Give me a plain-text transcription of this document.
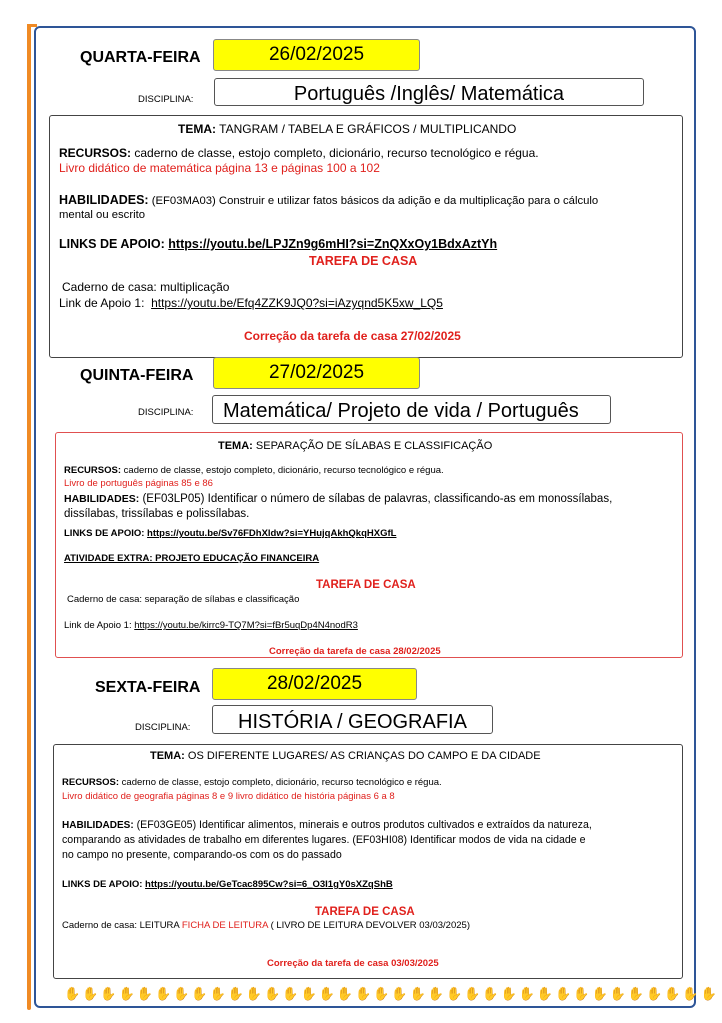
QUARTA-FEIRA	26/02/2025
DISCIPLINA:	Português /Inglês/ Matemática
TEMA: TANGRAM / TABELA E GRÁFICOS / MULTIPLICANDO
RECURSOS: caderno de classe, estojo completo, dicionário, recurso tecnológico e régua.
Livro didático de matemática página 13 e páginas 100 a 102
HABILIDADES: (EF03MA03) Construir e utilizar fatos básicos da adição e da multiplicação para o cálculo
mental ou escrito
LINKS DE APOIO: https://youtu.be/LPJZn9g6mHI?si=ZnQXxOy1BdxAztYh
TAREFA DE CASA
Caderno de casa: multiplicação
Link de Apoio 1: https://youtu.be/Efq4ZZK9JQ0?si=iAzyqnd5K5xw_LQ5
Correção da tarefa de casa 27/02/2025
QUINTA-FEIRA	27/02/2025
DISCIPLINA:	Matemática/ Projeto de vida / Português
TEMA: SEPARAÇÃO DE SÍLABAS E CLASSIFICAÇÃO
RECURSOS: caderno de classe, estojo completo, dicionário, recurso tecnológico e régua.
Livro de português páginas 85 e 86
HABILIDADES: (EF03LP05) Identificar o número de sílabas de palavras, classificando-as em monossílabas,
dissílabas, trissílabas e polissílabas.
LINKS DE APOIO: https://youtu.be/Sv76FDhXldw?si=YHujqAkhQkqHXGfL
ATIVIDADE EXTRA: PROJETO EDUCAÇÃO FINANCEIRA
TAREFA DE CASA
Caderno de casa: separação de sílabas e classificação
Link de Apoio 1: https://youtu.be/kirrc9-TQ7M?si=fBr5uqDp4N4nodR3
Correção da tarefa de casa 28/02/2025
SEXTA-FEIRA	28/02/2025
DISCIPLINA:	HISTÓRIA / GEOGRAFIA
TEMA: OS DIFERENTE LUGARES/ AS CRIANÇAS DO CAMPO E DA CIDADE
RECURSOS: caderno de classe, estojo completo, dicionário, recurso tecnológico e régua.
Livro didático de geografia páginas 8 e 9 livro didático de história páginas 6 a 8
HABILIDADES: (EF03GE05) Identificar alimentos, minerais e outros produtos cultivados e extraídos da natureza,
comparando as atividades de trabalho em diferentes lugares. (EF03HI08) Identificar modos de vida na cidade e
no campo no presente, comparando-os com os do passado
LINKS DE APOIO: https://youtu.be/GeTcac895Cw?si=6_O3I1gY0sXZqShB
TAREFA DE CASA
Caderno de casa: LEITURA FICHA DE LEITURA ( LIVRO DE LEITURA DEVOLVER 03/03/2025)
Correção da tarefa de casa 03/03/2025
✋ ✋ ✋ ✋ ✋ ✋ ✋ ✋ ✋ ✋ ✋ ✋ ✋ ✋ ✋ ✋ ✋ ✋ ✋ ✋ ✋ ✋ ✋ ✋ ✋ ✋ ✋ ✋ ✋ ✋ ✋ ✋ ✋ ✋ ✋ ✋
